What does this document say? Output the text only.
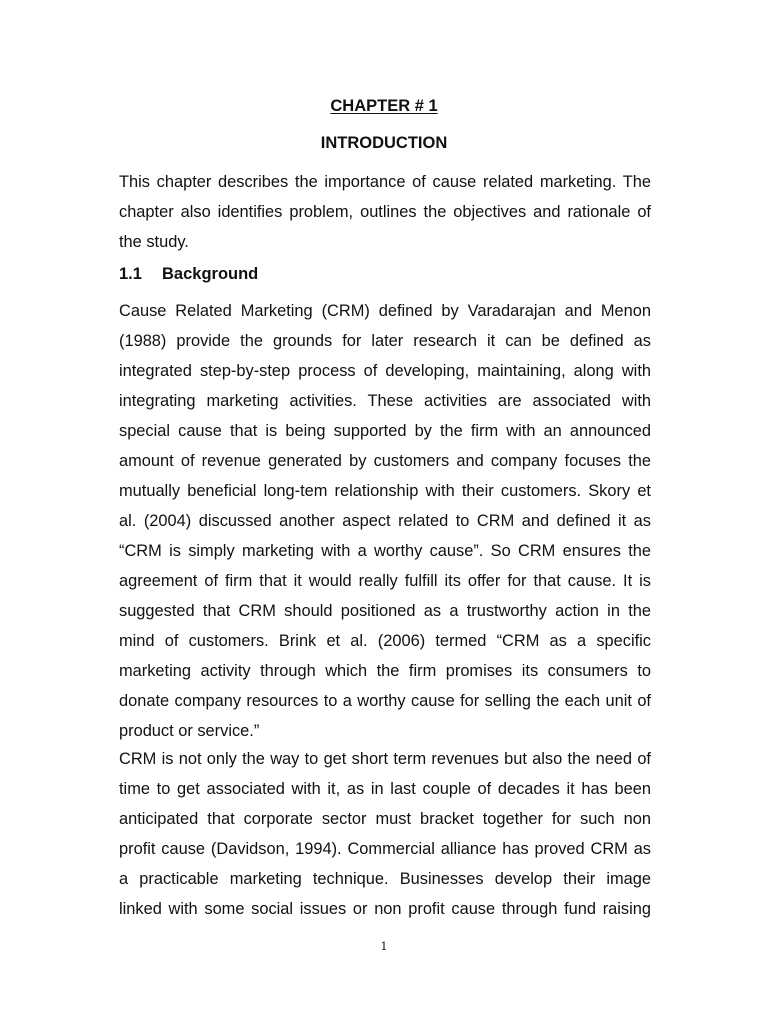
CHAPTER # 1
INTRODUCTION

This chapter describes the importance of cause related marketing. The
chapter also identifies problem, outlines the objectives and rationale of
the study.

1.1 Background

Cause Related Marketing (CRM) defined by Varadarajan and Menon
(1988) provide the grounds for later research it can be defined as
integrated step-by-step process of developing, maintaining, along with
integrating marketing activities. These activities are associated with
special cause that is being supported by the firm with an announced
amount of revenue generated by customers and company focuses the
mutually beneficial long-tem relationship with their customers. Skory et
al. (2004) discussed another aspect related to CRM and defined it as
“CRM is simply marketing with a worthy cause”. So CRM ensures the
agreement of firm that it would really fulfill its offer for that cause. It is
suggested that CRM should positioned as a trustworthy action in the
mind of customers. Brink et al. (2006) termed “CRM as a specific
marketing activity through which the firm promises its consumers to
donate company resources to a worthy cause for selling the each unit of
product or service.”

CRM is not only the way to get short term revenues but also the need of
time to get associated with it, as in last couple of decades it has been
anticipated that corporate sector must bracket together for such non
profit cause (Davidson, 1994). Commercial alliance has proved CRM as
a practicable marketing technique. Businesses develop their image
linked with some social issues or non profit cause through fund raising

1
